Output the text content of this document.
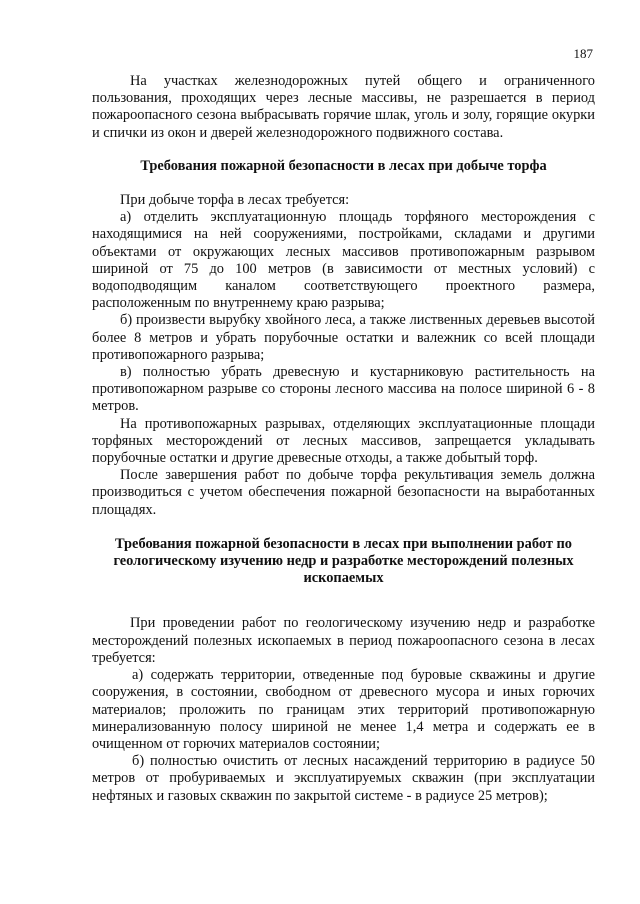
187

На участках железнодорожных путей общего и ограниченного пользования, проходящих через лесные массивы, не разрешается в период пожароопасного сезона выбрасывать горячие шлак, уголь и золу, горящие окурки и спички из окон и дверей железнодорожного подвижного состава.

Требования пожарной безопасности в лесах при добыче торфа

При добыче торфа в лесах требуется:

а) отделить эксплуатационную площадь торфяного месторождения с находящимися на ней сооружениями, постройками, складами и другими объектами от окружающих лесных массивов противопожарным разрывом шириной от 75 до 100 метров (в зависимости от местных условий) с водоподводящим каналом соответствующего проектного размера, расположенным по внутреннему краю разрыва;

б) произвести вырубку хвойного леса, а также лиственных деревьев высотой более 8 метров и убрать порубочные остатки и валежник со всей площади противопожарного разрыва;

в) полностью убрать древесную и кустарниковую растительность на противопожарном разрыве со стороны лесного массива на полосе шириной 6 - 8 метров.

На противопожарных разрывах, отделяющих эксплуатационные площади торфяных месторождений от лесных массивов, запрещается укладывать порубочные остатки и другие древесные отходы, а также добытый торф.

После завершения работ по добыче торфа рекультивация земель должна производиться с учетом обеспечения пожарной безопасности на выработанных площадях.

Требования пожарной безопасности в лесах при выполнении работ по геологическому изучению недр и разработке месторождений полезных ископаемых

При проведении работ по геологическому изучению недр и разработке месторождений полезных ископаемых в период пожароопасного сезона в лесах требуется:

а) содержать территории, отведенные под буровые скважины и другие сооружения, в состоянии, свободном от древесного мусора и иных горючих материалов; проложить по границам этих территорий противопожарную минерализованную полосу шириной не менее 1,4 метра и содержать ее в очищенном от горючих материалов состоянии;

б) полностью очистить от лесных насаждений территорию в радиусе 50 метров от пробуриваемых и эксплуатируемых скважин (при эксплуатации нефтяных и газовых скважин по закрытой системе - в радиусе 25 метров);
